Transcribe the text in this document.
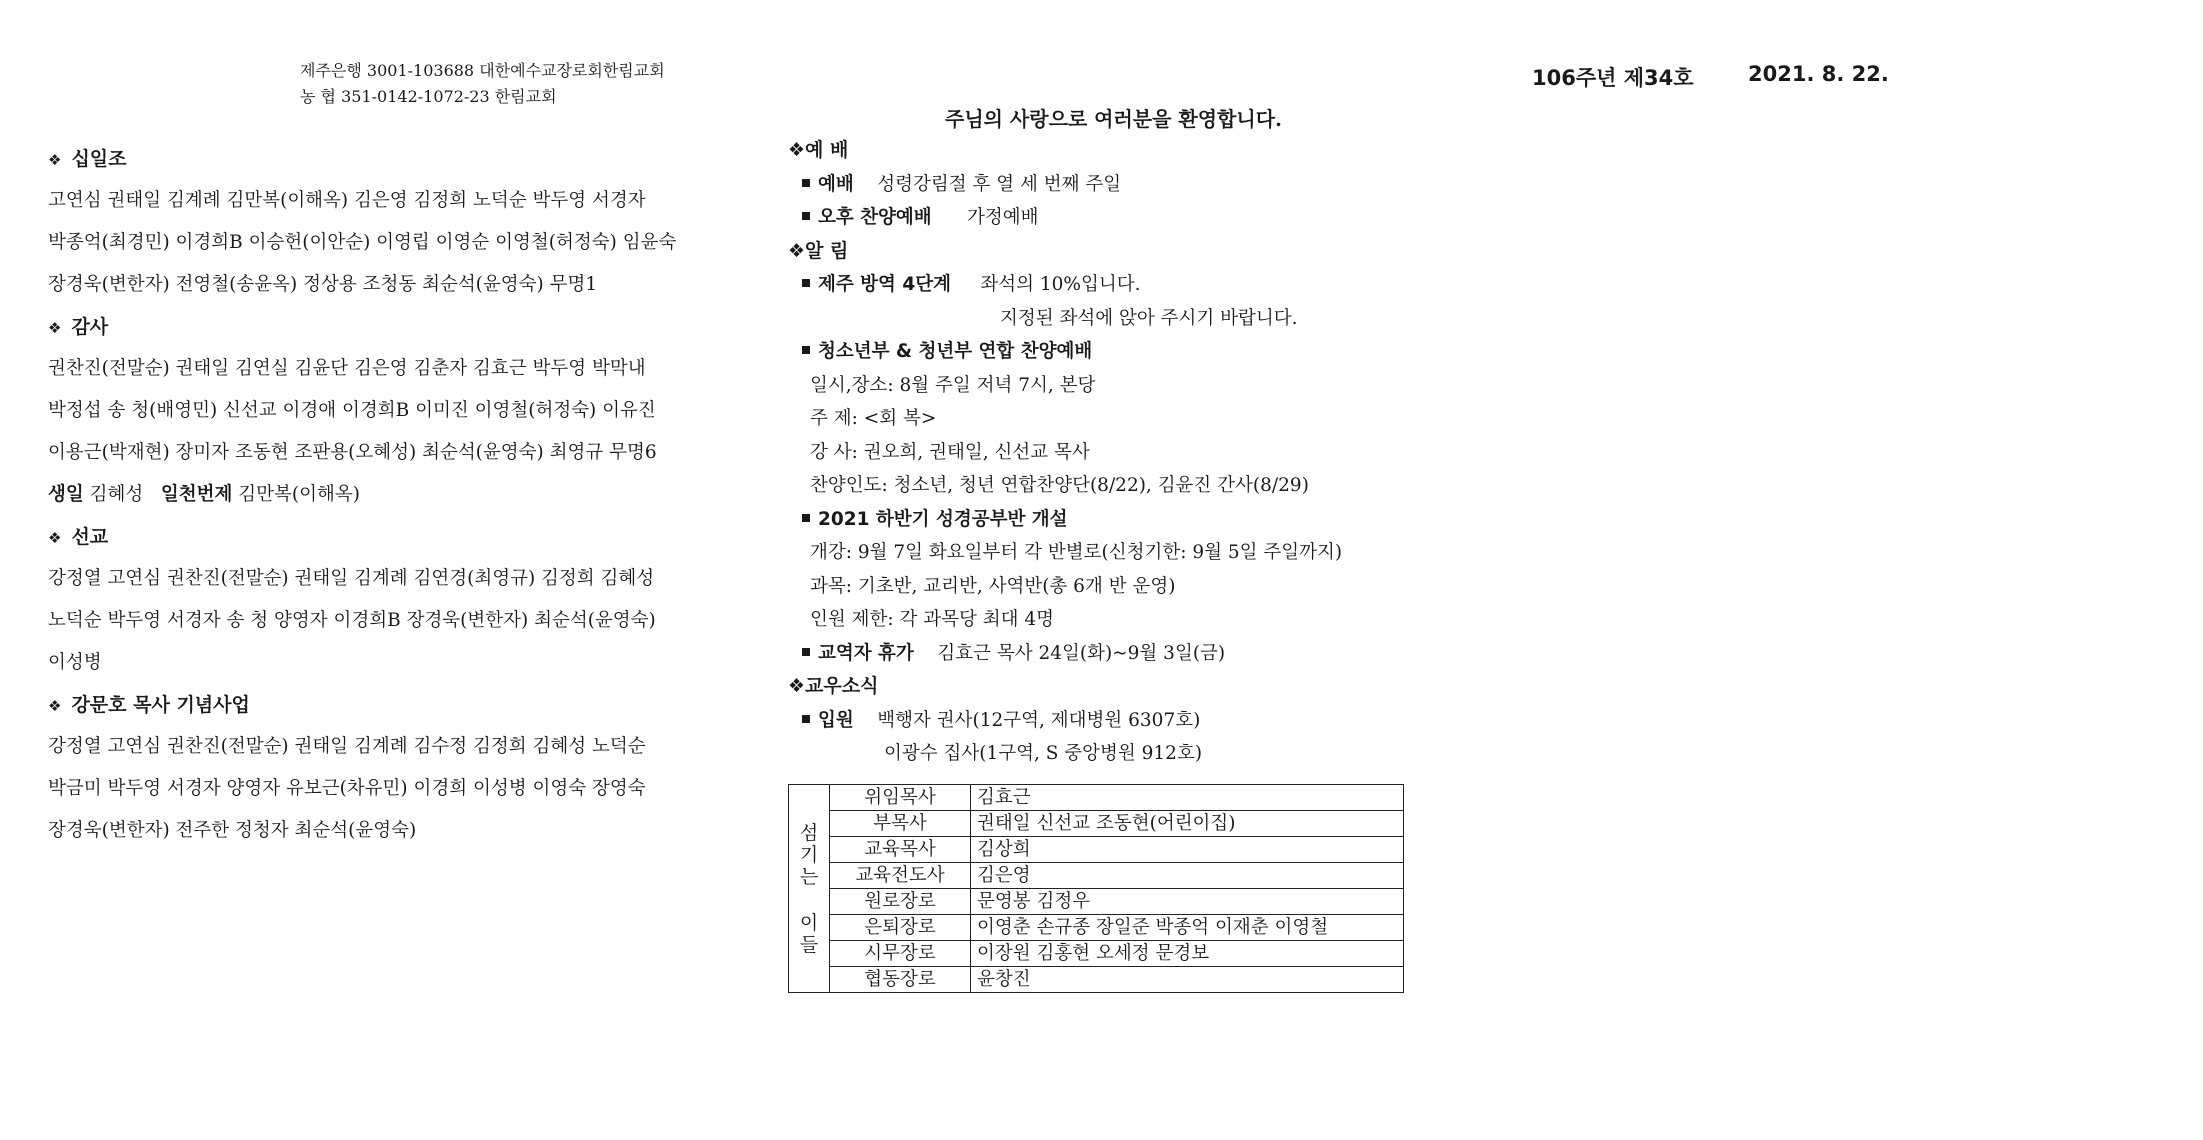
제주은행 3001-103688 대한예수교장로회한림교회
농 협 351-0142-1072-23 한림교회
106주년 제34호	2021. 8. 22.
주님의 사랑으로 여러분을 환영합니다.
❖ 십일조
고연심 권태일 김계례 김만복(이해옥) 김은영 김정희 노덕순 박두영 서경자
박종억(최경민) 이경희B 이승헌(이안순) 이영립 이영순 이영철(허정숙) 임윤숙
장경욱(변한자) 전영철(송윤옥) 정상용 조청동 최순석(윤영숙) 무명1
❖ 감사
권찬진(전말순) 권태일 김연실 김윤단 김은영 김춘자 김효근 박두영 박막내
박정섭 송 청(배영민) 신선교 이경애 이경희B 이미진 이영철(허정숙) 이유진
이용근(박재현) 장미자 조동현 조판용(오혜성) 최순석(윤영숙) 최영규 무명6
생일 김혜성 일천번제 김만복(이해옥)
❖ 선교
강정열 고연심 권찬진(전말순) 권태일 김계례 김연경(최영규) 김정희 김혜성
노덕순 박두영 서경자 송 청 양영자 이경희B 장경욱(변한자) 최순석(윤영숙)
이성병
❖ 강문호 목사 기념사업
강정열 고연심 권찬진(전말순) 권태일 김계례 김수정 김정희 김혜성 노덕순
박금미 박두영 서경자 양영자 유보근(차유민) 이경희 이성병 이영숙 장영숙
장경욱(변한자) 전주한 정청자 최순석(윤영숙)
❖예 배
예배 성령강림절 후 열 세 번째 주일
오후 찬양예배 가정예배
❖알 림
제주 방역 4단계 좌석의 10%입니다.
지정된 좌석에 앉아 주시기 바랍니다.
청소년부 & 청년부 연합 찬양예배
일시,장소: 8월 주일 저녁 7시, 본당
주 제: <회 복>
강 사: 권오희, 권태일, 신선교 목사
찬양인도: 청소년, 청년 연합찬양단(8/22), 김윤진 간사(8/29)
2021 하반기 성경공부반 개설
개강: 9월 7일 화요일부터 각 반별로(신청기한: 9월 5일 주일까지)
과목: 기초반, 교리반, 사역반(총 6개 반 운영)
인원 제한: 각 과목당 최대 4명
교역자 휴가 김효근 목사 24일(화)~9월 3일(금)
❖교우소식
입원 백행자 권사(12구역, 제대병원 6307호)
이광수 집사(1구역, S 중앙병원 912호)
섬
기
는
이
들	위임목사	김효근
	부목사	권태일 신선교 조동현(어린이집)
	교육목사	김상희
	교육전도사	김은영
	원로장로	문영봉 김정우
	은퇴장로	이영춘 손규종 장일준 박종억 이재춘 이영철
	시무장로	이장원 김홍현 오세정 문경보
	협동장로	윤창진
